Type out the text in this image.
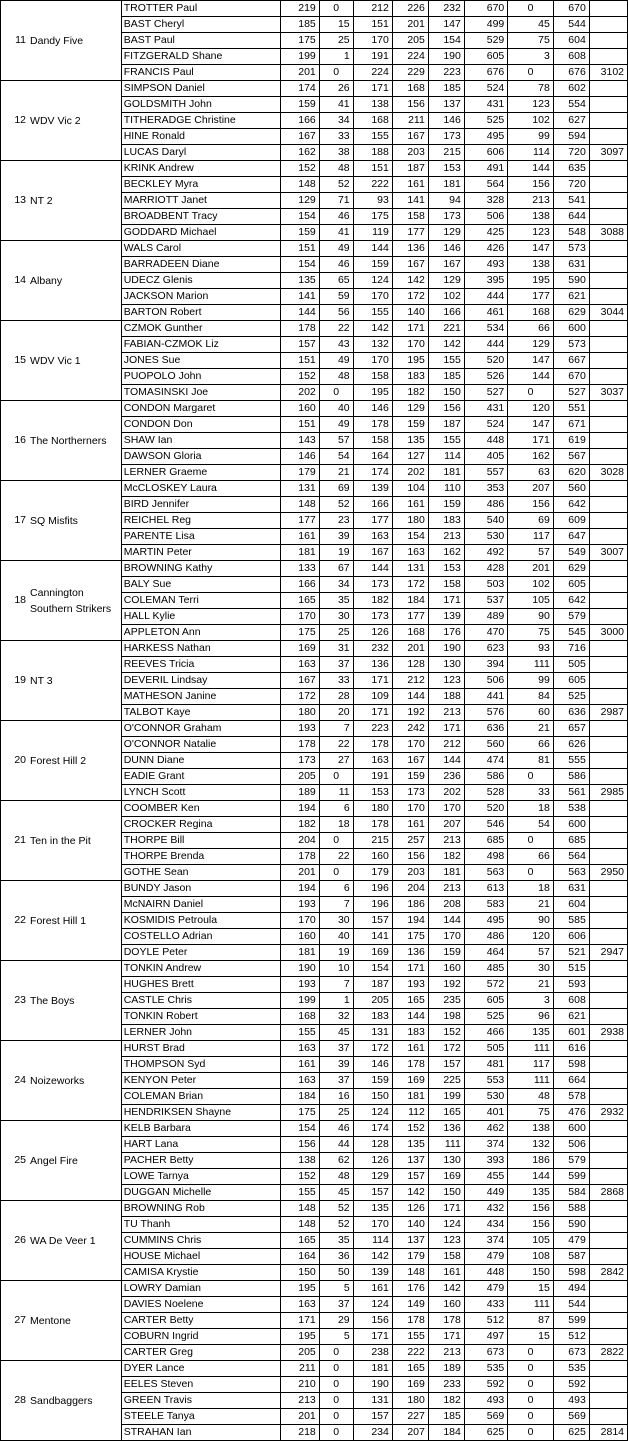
11	Dandy Five	TROTTER Paul	219	0	212	226	232	670	0	670	
		BAST Cheryl	185	15	151	201	147	499	45	544	
		BAST Paul	175	25	170	205	154	529	75	604	
		FITZGERALD Shane	199	1	191	224	190	605	3	608	
		FRANCIS Paul	201	0	224	229	223	676	0	676	3102
12	WDV Vic 2	SIMPSON Daniel	174	26	171	168	185	524	78	602	
		GOLDSMITH John	159	41	138	156	137	431	123	554	
		TITHERADGE Christine	166	34	168	211	146	525	102	627	
		HINE Ronald	167	33	155	167	173	495	99	594	
		LUCAS Daryl	162	38	188	203	215	606	114	720	3097
13	NT 2	KRINK Andrew	152	48	151	187	153	491	144	635	
		BECKLEY Myra	148	52	222	161	181	564	156	720	
		MARRIOTT Janet	129	71	93	141	94	328	213	541	
		BROADBENT Tracy	154	46	175	158	173	506	138	644	
		GODDARD Michael	159	41	119	177	129	425	123	548	3088
14	Albany	WALS Carol	151	49	144	136	146	426	147	573	
		BARRADEEN Diane	154	46	159	167	167	493	138	631	
		UDECZ Glenis	135	65	124	142	129	395	195	590	
		JACKSON Marion	141	59	170	172	102	444	177	621	
		BARTON Robert	144	56	155	140	166	461	168	629	3044
15	WDV Vic 1	CZMOK Gunther	178	22	142	171	221	534	66	600	
		FABIAN-CZMOK Liz	157	43	132	170	142	444	129	573	
		JONES Sue	151	49	170	195	155	520	147	667	
		PUOPOLO John	152	48	158	183	185	526	144	670	
		TOMASINSKI Joe	202	0	195	182	150	527	0	527	3037
16	The Northerners	CONDON Margaret	160	40	146	129	156	431	120	551	
		CONDON Don	151	49	178	159	187	524	147	671	
		SHAW Ian	143	57	158	135	155	448	171	619	
		DAWSON Gloria	146	54	164	127	114	405	162	567	
		LERNER Graeme	179	21	174	202	181	557	63	620	3028
17	SQ Misfits	McCLOSKEY Laura	131	69	139	104	110	353	207	560	
		BIRD Jennifer	148	52	166	161	159	486	156	642	
		REICHEL Reg	177	23	177	180	183	540	69	609	
		PARENTE Lisa	161	39	163	154	213	530	117	647	
		MARTIN Peter	181	19	167	163	162	492	57	549	3007
18	Cannington Southern Strikers	BROWNING Kathy	133	67	144	131	153	428	201	629	
		BALY Sue	166	34	173	172	158	503	102	605	
		COLEMAN Terri	165	35	182	184	171	537	105	642	
		HALL Kylie	170	30	173	177	139	489	90	579	
		APPLETON Ann	175	25	126	168	176	470	75	545	3000
19	NT 3	HARKESS Nathan	169	31	232	201	190	623	93	716	
		REEVES Tricia	163	37	136	128	130	394	111	505	
		DEVERIL Lindsay	167	33	171	212	123	506	99	605	
		MATHESON Janine	172	28	109	144	188	441	84	525	
		TALBOT Kaye	180	20	171	192	213	576	60	636	2987
20	Forest Hill 2	O'CONNOR Graham	193	7	223	242	171	636	21	657	
		O'CONNOR Natalie	178	22	178	170	212	560	66	626	
		DUNN Diane	173	27	163	167	144	474	81	555	
		EADIE Grant	205	0	191	159	236	586	0	586	
		LYNCH Scott	189	11	153	173	202	528	33	561	2985
21	Ten in the Pit	COOMBER Ken	194	6	180	170	170	520	18	538	
		CROCKER Regina	182	18	178	161	207	546	54	600	
		THORPE Bill	204	0	215	257	213	685	0	685	
		THORPE Brenda	178	22	160	156	182	498	66	564	
		GOTHE Sean	201	0	179	203	181	563	0	563	2950
22	Forest Hill 1	BUNDY Jason	194	6	196	204	213	613	18	631	
		McNAIRN Daniel	193	7	196	186	208	583	21	604	
		KOSMIDIS Petroula	170	30	157	194	144	495	90	585	
		COSTELLO Adrian	160	40	141	175	170	486	120	606	
		DOYLE Peter	181	19	169	136	159	464	57	521	2947
23	The Boys	TONKIN Andrew	190	10	154	171	160	485	30	515	
		HUGHES Brett	193	7	187	193	192	572	21	593	
		CASTLE Chris	199	1	205	165	235	605	3	608	
		TONKIN Robert	168	32	183	144	198	525	96	621	
		LERNER John	155	45	131	183	152	466	135	601	2938
24	Noizeworks	HURST Brad	163	37	172	161	172	505	111	616	
		THOMPSON Syd	161	39	146	178	157	481	117	598	
		KENYON Peter	163	37	159	169	225	553	111	664	
		COLEMAN Brian	184	16	150	181	199	530	48	578	
		HENDRIKSEN Shayne	175	25	124	112	165	401	75	476	2932
25	Angel Fire	KELB Barbara	154	46	174	152	136	462	138	600	
		HART Lana	156	44	128	135	111	374	132	506	
		PACHER Betty	138	62	126	137	130	393	186	579	
		LOWE Tarnya	152	48	129	157	169	455	144	599	
		DUGGAN Michelle	155	45	157	142	150	449	135	584	2868
26	WA De Veer 1	BROWNING Rob	148	52	135	126	171	432	156	588	
		TU Thanh	148	52	170	140	124	434	156	590	
		CUMMINS Chris	165	35	114	137	123	374	105	479	
		HOUSE Michael	164	36	142	179	158	479	108	587	
		CAMISA Krystie	150	50	139	148	161	448	150	598	2842
27	Mentone	LOWRY Damian	195	5	161	176	142	479	15	494	
		DAVIES Noelene	163	37	124	149	160	433	111	544	
		CARTER Betty	171	29	156	178	178	512	87	599	
		COBURN Ingrid	195	5	171	155	171	497	15	512	
		CARTER Greg	205	0	238	222	213	673	0	673	2822
28	Sandbaggers	DYER Lance	211	0	181	165	189	535	0	535	
		EELES Steven	210	0	190	169	233	592	0	592	
		GREEN Travis	213	0	131	180	182	493	0	493	
		STEELE Tanya	201	0	157	227	185	569	0	569	
		STRAHAN Ian	218	0	234	207	184	625	0	625	2814
